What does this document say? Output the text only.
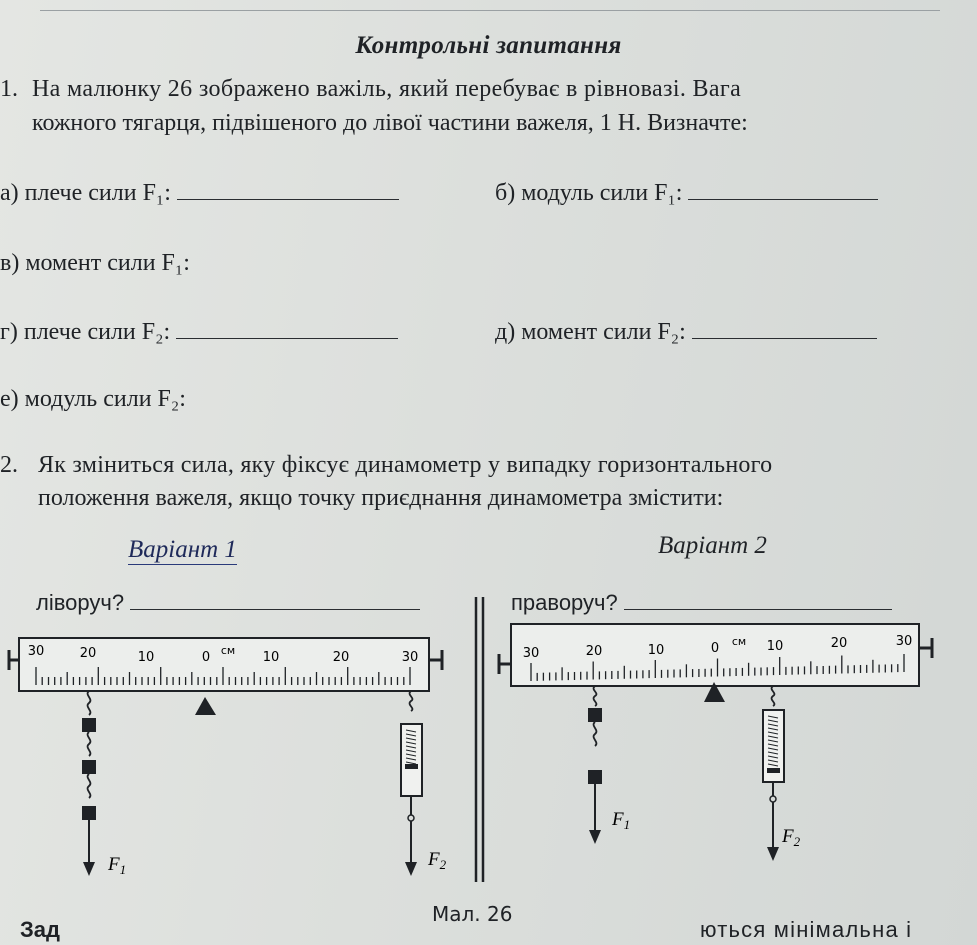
Контрольні запитання
1. На малюнку 26 зображено важіль, який перебуває в рівновазі. Вага
кожного тягарця, підвішеного до лівої частини важеля, 1 Н. Визначте:
а) плече сили F₁:	б) модуль сили F₁:
в) момент сили F₁:
г) плече сили F₂:	д) момент сили F₂:
е) модуль сили F₂:
2. Як зміниться сила, яку фіксує динамометр у випадку горизонтального
положення важеля, якщо точку приєднання динамометра змістити:
Варіант 1	Варіант 2
ліворуч?	праворуч?
30	20	10	0 см 10	20	30
$F_1$	$F_2$
30	20	10	0 см 10	20	30
$F_1$
$F_2$
Мал. 26
Зад	ються мінімальна і
